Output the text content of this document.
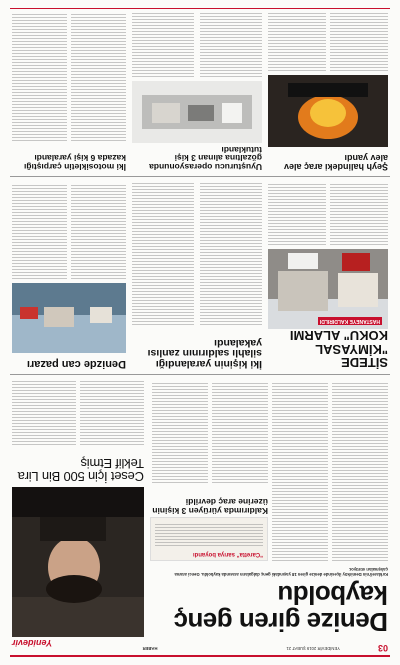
03
YENİDEVİR 2019 ŞUBAT 21
Yenidevir
HABER
Denize giren genç kayboldu
Kırklareli'nin Demirköy ilçesinde denize giren 18 yaşındaki genç dalgaların arasında kayboldu. Genci arama çalışmaları sürüyor.
"Caretta" sarıya boyandı
Kaldırımda yürüyen 3 kişinin üzerine araç devrildi
Ceset İçin 500 Bin Lira Teklif Etmiş
SİTEDE "KİMYASAL KOKU" ALARMI
HASTANEYE KALDIRILDI
İki kişinin yaralandığı silahlı saldırının zanlısı yakalandı
Denizde can pazarı
Şeyh halindeki araç alev alev yandı
Uyuşturucu operasyonunda gözaltına alınan 3 kişi tutuklandı
İki motosikletin çarpıştığı kazada 6 kişi yaralandı
